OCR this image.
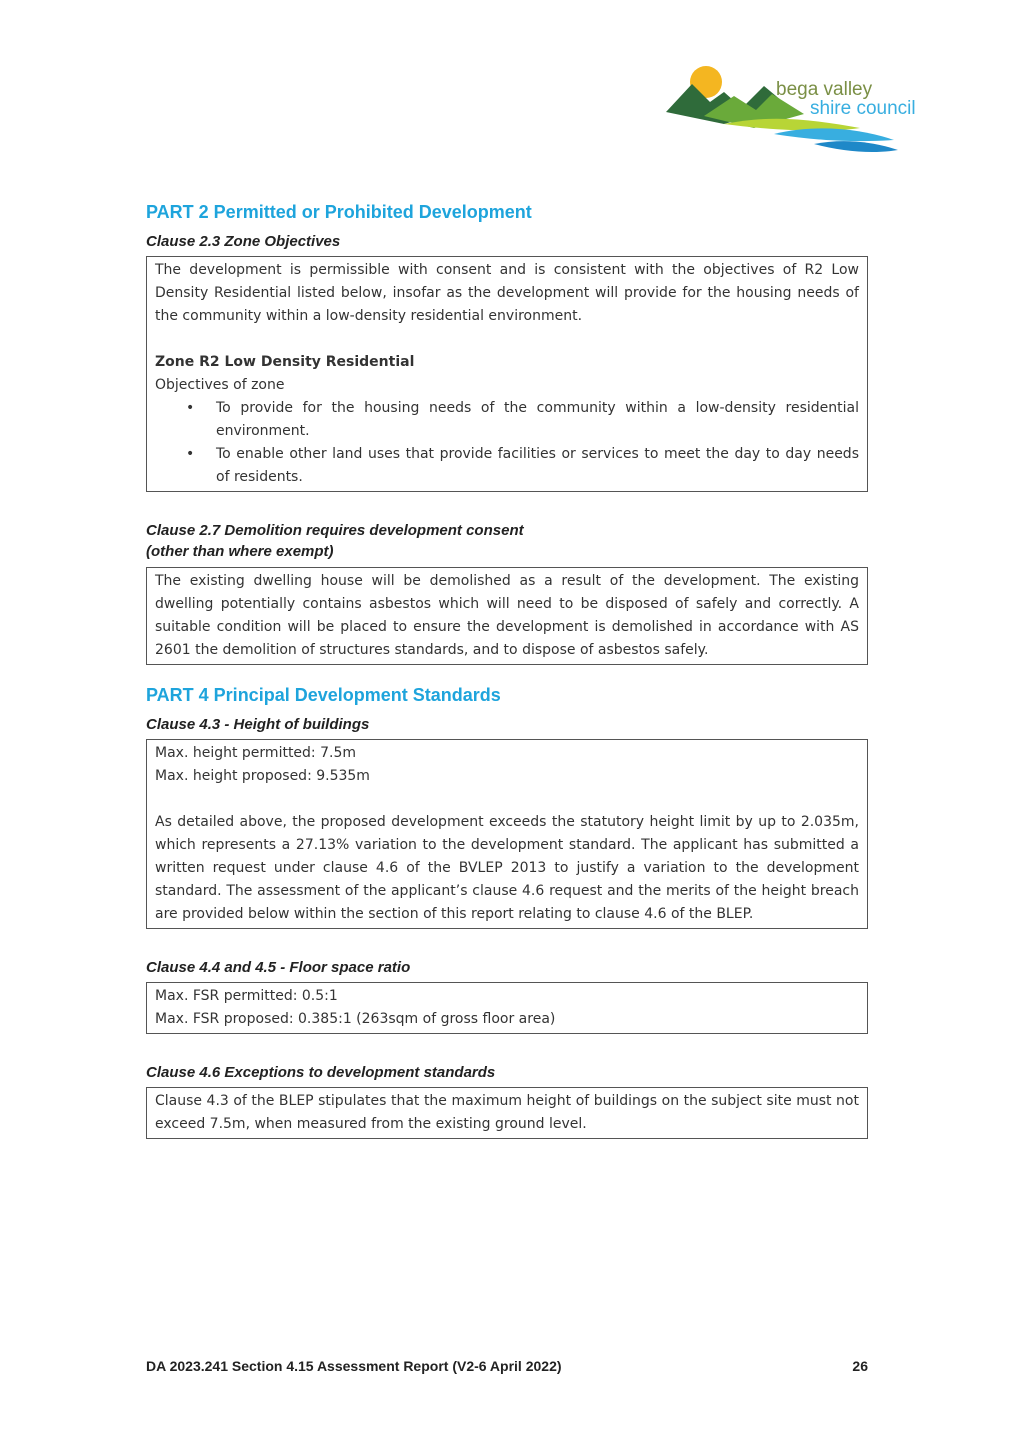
bega valley
shire council
PART 2 Permitted or Prohibited Development
Clause 2.3 Zone Objectives

The development is permissible with consent and is consistent with the objectives of R2 Low Density Residential listed below, insofar as the development will provide for the housing needs of the community within a low-density residential environment.

Zone R2 Low Density Residential

Objectives of zone

• To provide for the housing needs of the community within a low-density residential environment.
• To enable other land uses that provide facilities or services to meet the day to day needs of residents.
Clause 2.7 Demolition requires development consent
(other than where exempt)

The existing dwelling house will be demolished as a result of the development. The existing dwelling potentially contains asbestos which will need to be disposed of safely and correctly. A suitable condition will be placed to ensure the development is demolished in accordance with AS 2601 the demolition of structures standards, and to dispose of asbestos safely.

PART 4 Principal Development Standards
Clause 4.3 - Height of buildings

Max. height permitted: 7.5m

Max. height proposed: 9.535m

As detailed above, the proposed development exceeds the statutory height limit by up to 2.035m, which represents a 27.13% variation to the development standard. The applicant has submitted a written request under clause 4.6 of the BVLEP 2013 to justify a variation to the development standard. The assessment of the applicant’s clause 4.6 request and the merits of the height breach are provided below within the section of this report relating to clause 4.6 of the BLEP.

Clause 4.4 and 4.5 - Floor space ratio

Max. FSR permitted: 0.5:1

Max. FSR proposed: 0.385:1 (263sqm of gross floor area)

Clause 4.6 Exceptions to development standards

Clause 4.3 of the BLEP stipulates that the maximum height of buildings on the subject site must not exceed 7.5m, when measured from the existing ground level.

DA 2023.241 Section 4.15 Assessment Report (V2-6 April 2022)	26
